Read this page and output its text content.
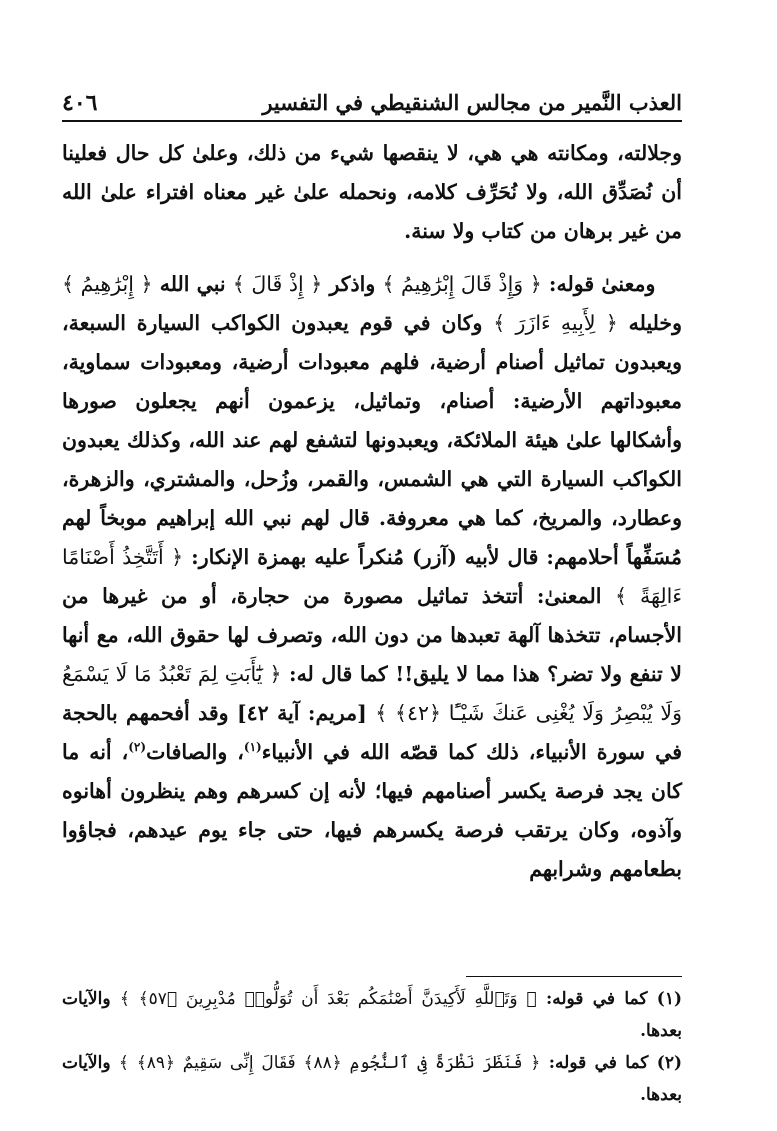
العذب النَّمير من مجالس الشنقيطي في التفسير
٤٠٦

وجلالته، ومكانته هي هي، لا ينقصها شيء من ذلك، وعلىٰ كل حال فعلينا أن نُصَدِّق الله، ولا نُحَرِّف كلامه، ونحمله علىٰ غير معناه افتراء علىٰ الله من غير برهان من كتاب ولا سنة.

ومعنىٰ قوله: ﴿ وَإِذْ قَالَ إِبْرَٰهِيمُ ﴾ واذكر ﴿ إِذْ قَالَ ﴾ نبي الله ﴿ إِبْرَٰهِيمُ ﴾ وخليله ﴿ لِأَبِيهِ ءَازَرَ ﴾ وكان في قوم يعبدون الكواكب السيارة السبعة، ويعبدون تماثيل أصنام أرضية، فلهم معبودات أرضية، ومعبودات سماوية، معبوداتهم الأرضية: أصنام، وتماثيل، يزعمون أنهم يجعلون صورها وأشكالها علىٰ هيئة الملائكة، ويعبدونها لتشفع لهم عند الله، وكذلك يعبدون الكواكب السيارة التي هي الشمس، والقمر، وزُحل، والمشتري، والزهرة، وعطارد، والمريخ، كما هي معروفة. قال لهم نبي الله إبراهيم موبخاً لهم مُسَفِّهاً أحلامهم: قال لأبيه (آزر) مُنكراً عليه بهمزة الإنكار: ﴿ أَتَتَّخِذُ أَصْنَامًا ءَالِهَةً ﴾ المعنىٰ: أتتخذ تماثيل مصورة من حجارة، أو من غيرها من الأجسام، تتخذها آلهة تعبدها من دون الله، وتصرف لها حقوق الله، مع أنها لا تنفع ولا تضر؟ هذا مما لا يليق!! كما قال له: ﴿ يَٰٓأَبَتِ لِمَ تَعْبُدُ مَا لَا يَسْمَعُ وَلَا يُبْصِرُ وَلَا يُغْنِى عَنكَ شَيْـًٔا ﴿٤٢﴾ ﴾ [مريم: آية ٤٢] وقد أفحمهم بالحجة في سورة الأنبياء، ذلك كما قصّه الله في الأنبياء$^{(١)}$، والصافات$^{(٢)}$، أنه ما كان يجد فرصة يكسر أصنامهم فيها؛ لأنه إن كسرهم وهم ينظرون أهانوه وآذوه، وكان يرتقب فرصة يكسرهم فيها، حتى جاء يوم عيدهم، فجاؤوا بطعامهم وشرابهم

(١) كما في قوله: ﴿ وَتَٱللَّهِ لَأَكِيدَنَّ أَصْنَٰمَكُم بَعْدَ أَن تُوَلُّوا۟ مُدْبِرِينَ ﴿٥٧﴾ ﴾ والآيات بعدها.

(٢) كما في قوله: ﴿ فَنَظَرَ نَظْرَةً فِى ٱلنُّجُومِ ﴿٨٨﴾ فَقَالَ إِنِّى سَقِيمٌ ﴿٨٩﴾ ﴾ والآيات بعدها.
